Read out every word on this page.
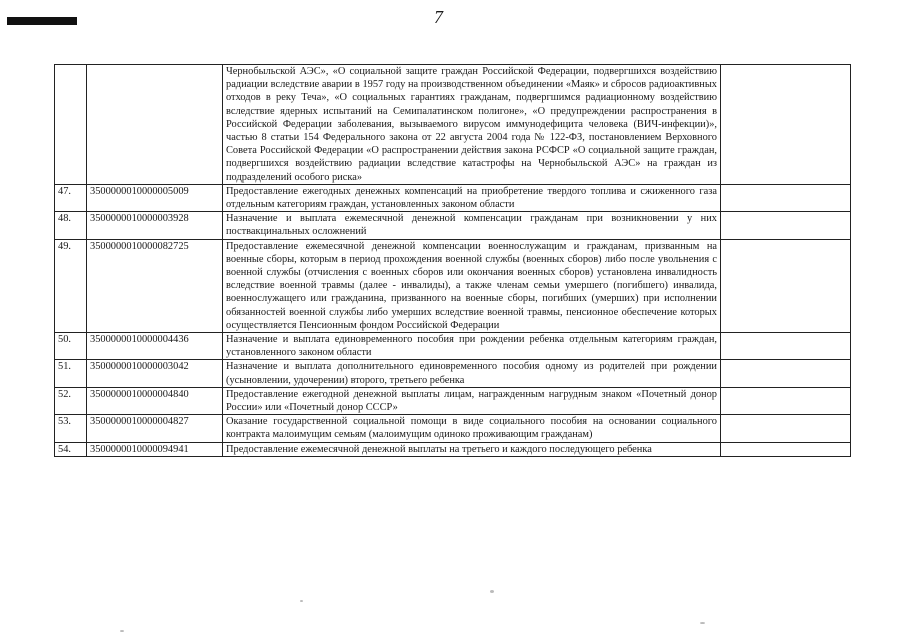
7
		Чернобыльской АЭС», «О социальной защите граждан Российской Федерации, подвергшихся воздействию радиации вследствие аварии в 1957 году на производственном объединении «Маяк» и сбросов радиоактивных отходов в реку Теча», «О социальных гарантиях гражданам, подвергшимся радиационному воздействию вследствие ядерных испытаний на Семипалатинском полигоне», «О предупреждении распространения в Российской Федерации заболевания, вызываемого вирусом иммунодефицита человека (ВИЧ-инфекции)», частью 8 статьи 154 Федерального закона от 22 августа 2004 года № 122-ФЗ, постановлением Верховного Совета Российской Федерации «О распространении действия закона РСФСР «О социальной защите граждан, подвергшихся воздействию радиации вследствие катастрофы на Чернобыльской АЭС» на граждан из подразделений особого риска»	
47.	3500000010000005009	Предоставление ежегодных денежных компенсаций на приобретение твердого топлива и сжиженного газа отдельным категориям граждан, установленных законом области	
48.	3500000010000003928	Назначение и выплата ежемесячной денежной компенсации гражданам при возникновении у них поствакцинальных осложнений	
49.	3500000010000082725	Предоставление ежемесячной денежной компенсации военнослужащим и гражданам, призванным на военные сборы, которым в период прохождения военной службы (военных сборов) либо после увольнения с военной службы (отчисления с военных сборов или окончания военных сборов) установлена инвалидность вследствие военной травмы (далее - инвалиды), а также членам семьи умершего (погибшего) инвалида, военнослужащего или гражданина, призванного на военные сборы, погибших (умерших) при исполнении обязанностей военной службы либо умерших вследствие военной травмы, пенсионное обеспечение которых осуществляется Пенсионным фондом Российской Федерации	
50.	3500000010000004436	Назначение и выплата единовременного пособия при рождении ребенка отдельным категориям граждан, установленного законом области	
51.	3500000010000003042	Назначение и выплата дополнительного единовременного пособия одному из родителей при рождении (усыновлении, удочерении) второго, третьего ребенка	
52.	3500000010000004840	Предоставление ежегодной денежной выплаты лицам, награжденным нагрудным знаком «Почетный донор России» или «Почетный донор СССР»	
53.	3500000010000004827	Оказание государственной социальной помощи в виде социального пособия на основании социального контракта малоимущим семьям (малоимущим одиноко проживающим гражданам)	
54.	3500000010000094941	Предоставление ежемесячной денежной выплаты на третьего и каждого последующего ребенка	
